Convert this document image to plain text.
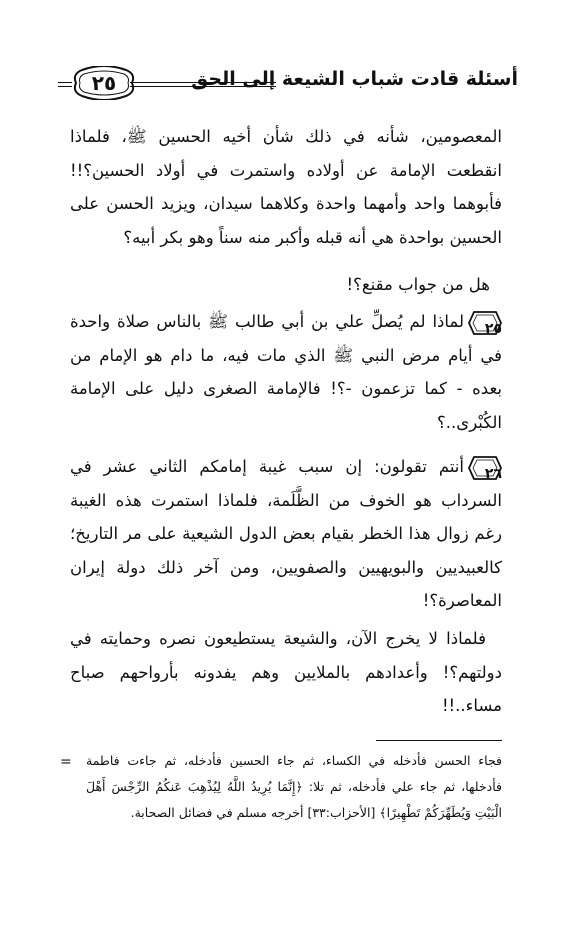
أسئلة قادت شباب الشيعة إلى الحق
٢٥

المعصومين، شأنه في ذلك شأن أخيه الحسين ﷺ، فلماذا انقطعت الإمامة عن أولاده واستمرت في أولاد الحسين؟!! فأبوهما واحد وأمهما واحدة وكلاهما سيدان، ويزيد الحسن على الحسين بواحدة هي أنه قبله وأكبر منه سناً وهو بكر أبيه؟

هل من جواب مقنع؟!

٢٥
لماذا لم يُصلِّ علي بن أبي طالب ﷺ بالناس صلاة واحدة في أيام مرض النبي ﷺ الذي مات فيه، ما دام هو الإمام من بعده - كما تزعمون -؟! فالإمامة الصغرى دليل على الإمامة الكُبْرى..؟

٢٦
أنتم تقولون: إن سبب غيبة إمامكم الثاني عشر في السرداب هو الخوف من الظَّلَمة، فلماذا استمرت هذه الغيبة رغم زوال هذا الخطر بقيام بعض الدول الشيعية على مر التاريخ؛ كالعبيديين والبويهيين والصفويين، ومن آخر ذلك دولة إيران المعاصرة؟!

فلماذا لا يخرج الآن، والشيعة يستطيعون نصره وحمايته في دولتهم؟! وأعدادهم بالملايين وهم يفدونه بأرواحهم صباح مساء..!!

=	فجاء الحسن فأدخله في الكساء، ثم جاء الحسين فأدخله، ثم جاءت فاطمة فأدخلها، ثم جاء علي فأدخله، ثم تلا: ﴿إِنَّمَا يُرِيدُ اللَّهُ لِيُذْهِبَ عَنكُمُ الرِّجْسَ أَهْلَ الْبَيْتِ وَيُطَهِّرَكُمْ تَطْهِيرًا﴾ [الأحزاب:٣٣] أخرجه مسلم في فضائل الصحابة.
